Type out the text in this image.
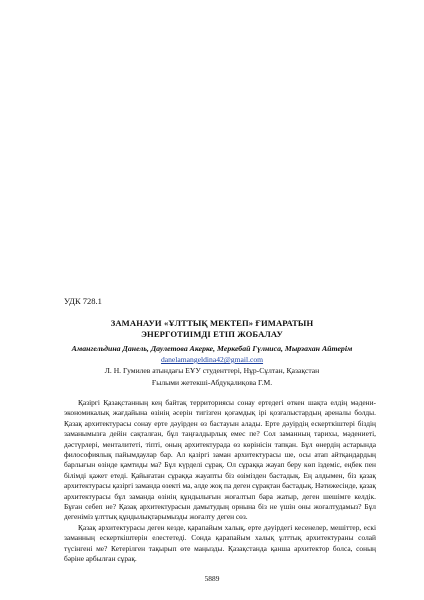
УДК 728.1
ЗАМАНАУИ «ҰЛТТЫҚ МЕКТЕП» ҒИМАРАТЫН
ЭНЕРГОТИІМДІ ЕТІП ЖОБАЛАУ
Амангельдина Данель, Даулетова Акерке, Меркебай Гүлнисa, Мырзахан Айтерім
danelamangeldina42@gmail.com
Л. Н. Гумилев атындағы ЕҰУ студенттері, Нұр-Сұлтан, Қазақстан
Ғылыми жетекші-Абдуқалиқова Г.М.

Қазіргі Қазақстанның кең байтақ территориясы сонау ертедегі өткен шақта елдің мәдени-экономикалық жағдайына өзінің әсерін тигізген қоғамдық ірі қозғалыстардың ареналы болды. Қазақ архитектурасы сонау ерте дәуірден өз бастауын алады. Ерте дәуірдің ескерткіштері біздің заманымызға дейін сақталған, бұл таңғалдырлық емес пе? Сол заманның тарихы, мәдениеті, дәстүрлері, менталитеті, тіпті, оның архитектурада өз көрінісін тапқан. Бұл өнердің астарында философиялық пайымдаулар бар. Ал қазіргі заман архитектурасы ше, осы атап айтқандардың барлығын өзінде қамтиды ма? Бұл күрделі сұрақ. Ол сұраққа жауап беру көп іздеміс, еңбек пен білімді қажет етеді. Қайығатан сұраққа жауапты біз өзімізден бастадық. Ең алдымен, біз қазақ архитектурасы қазіргі заманда өзекті ма, әлде жоқ па деген сұрақтан бастадық. Нәтижесінде, қазақ архитектурасы бұл заманда өзінің құндылығын жоғалтып бара жатыр, деген шешімге келдік. Бұған себеп не? Қазақ архитектурасын дамытудың орнына біз не үшін оны жоғалтудамыз? Бұл дегеніміз ұлттық құндылықтарымызды жоғалту деген сөз.

Қазақ архитектурасы деген кезде, қарапайым халық, ерте дәуірдегі кесенелер, мешіттер, ескі заманның ескерткіштерін елестетеді. Сонда қарапайым халық ұлттық архитектураны солай түсінгені ме? Кетерілген тақырып өте маңызды. Қазақстанда қанша архитектор болса, соның бәріне арбылған сұрақ.

5889
